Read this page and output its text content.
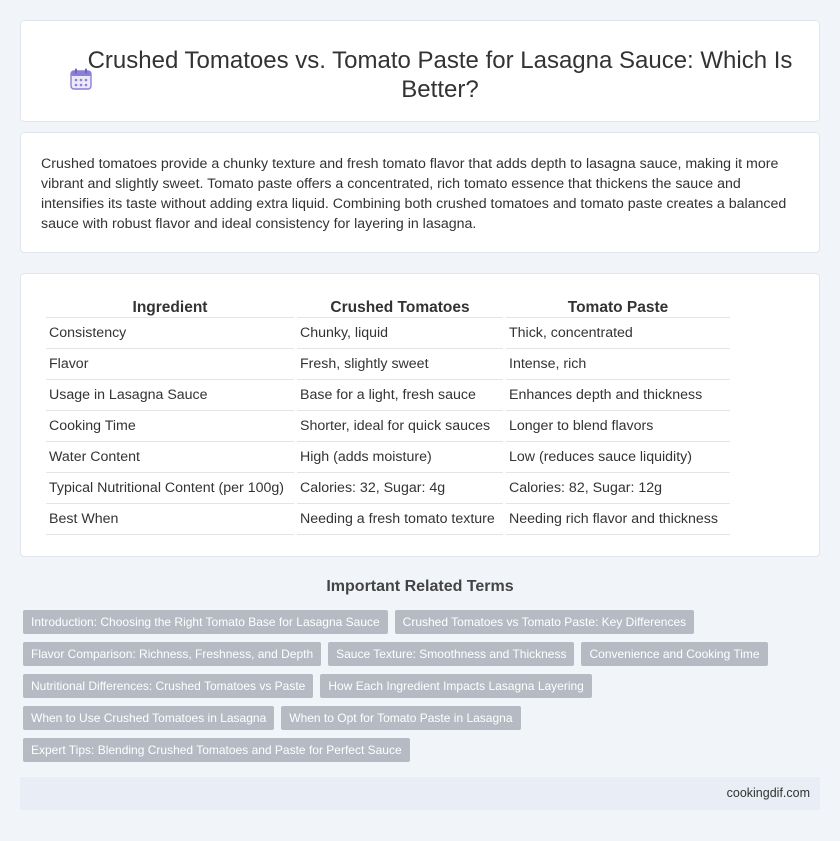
Crushed Tomatoes vs. Tomato Paste for Lasagna Sauce: Which Is Better?

Crushed tomatoes provide a chunky texture and fresh tomato flavor that adds depth to lasagna sauce, making it more vibrant and slightly sweet. Tomato paste offers a concentrated, rich tomato essence that thickens the sauce and intensifies its taste without adding extra liquid. Combining both crushed tomatoes and tomato paste creates a balanced sauce with robust flavor and ideal consistency for layering in lasagna.

Ingredient	Crushed Tomatoes	Tomato Paste
Consistency	Chunky, liquid	Thick, concentrated
Flavor	Fresh, slightly sweet	Intense, rich
Usage in Lasagna Sauce	Base for a light, fresh sauce	Enhances depth and thickness
Cooking Time	Shorter, ideal for quick sauces	Longer to blend flavors
Water Content	High (adds moisture)	Low (reduces sauce liquidity)
Typical Nutritional Content (per 100g)	Calories: 32, Sugar: 4g	Calories: 82, Sugar: 12g
Best When	Needing a fresh tomato texture	Needing rich flavor and thickness
Important Related Terms
Introduction: Choosing the Right Tomato Base for Lasagna Sauce	Crushed Tomatoes vs Tomato Paste: Key Differences
Flavor Comparison: Richness, Freshness, and Depth	Sauce Texture: Smoothness and Thickness	Convenience and Cooking Time
Nutritional Differences: Crushed Tomatoes vs Paste	How Each Ingredient Impacts Lasagna Layering
When to Use Crushed Tomatoes in Lasagna	When to Opt for Tomato Paste in Lasagna
Expert Tips: Blending Crushed Tomatoes and Paste for Perfect Sauce
cookingdif.com
